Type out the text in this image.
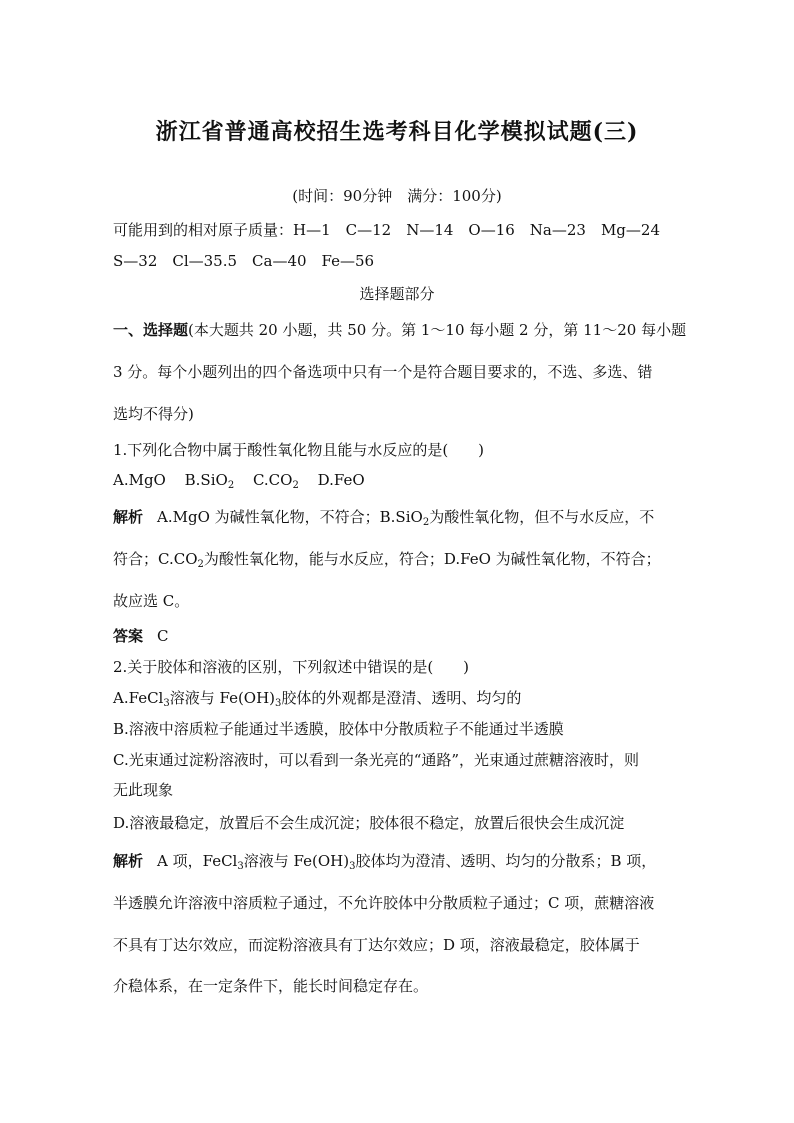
浙江省普通高校招生选考科目化学模拟试题(三)
(时间：90分钟　满分：100分)
可能用到的相对原子质量：H—1　C—12　N—14　O—16　Na—23　Mg—24
S—32　Cl—35.5　Ca—40　Fe—56
选择题部分
一、选择题(本大题共 20 小题，共 50 分。第 1～10 每小题 2 分，第 11～20 每小题
3 分。每个小题列出的四个备选项中只有一个是符合题目要求的，不选、多选、错
选均不得分)
1.下列化合物中属于酸性氧化物且能与水反应的是(　　)
A.MgO B.SiO$_2$ $C.CO_2$ D.FeO
解析 A.MgO 为碱性氧化物，不符合；B.SiO$_2$为酸性氧化物，但不与水反应，不
符合；$C.CO_2$为酸性氧化物，能与水反应，符合；D.FeO 为碱性氧化物，不符合；
故应选 C。
答案 C
2.关于胶体和溶液的区别，下列叙述中错误的是(　　)
A.FeCl$_3$溶液与 $Fe(OH)_3$胶体的外观都是澄清、透明、均匀的
B.溶液中溶质粒子能通过半透膜，胶体中分散质粒子不能通过半透膜
C.光束通过淀粉溶液时，可以看到一条光亮的“通路”，光束通过蔗糖溶液时，则
无此现象
D.溶液最稳定，放置后不会生成沉淀；胶体很不稳定，放置后很快会生成沉淀
解析 A 项，FeCl$_3$溶液与 $Fe(OH)_3$胶体均为澄清、透明、均匀的分散系；B 项，
半透膜允许溶液中溶质粒子通过，不允许胶体中分散质粒子通过；C 项，蔗糖溶液
不具有丁达尔效应，而淀粉溶液具有丁达尔效应；D 项，溶液最稳定，胶体属于
介稳体系，在一定条件下，能长时间稳定存在。
